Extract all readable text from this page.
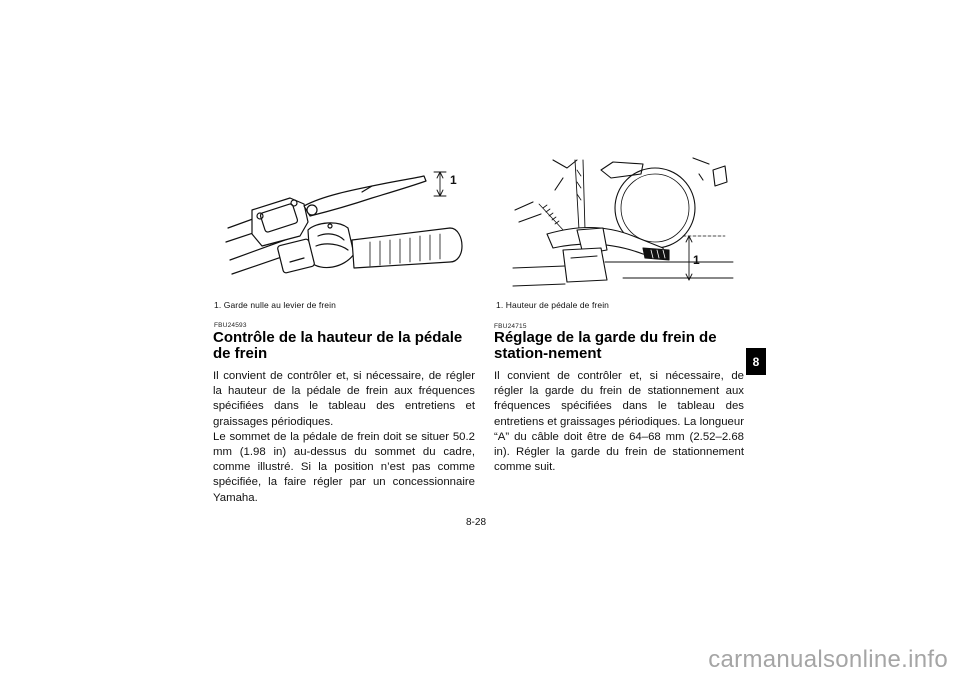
1
1
1. Garde nulle au levier de frein	1. Hauteur de pédale de frein
FBU24593	FBU24715
Contrôle de la hauteur de la pédale de frein
Réglage de la garde du frein de station-nement

Il convient de contrôler et, si nécessaire, de régler la hauteur de la pédale de frein aux fréquences spécifiées dans le tableau des entretiens et graissages périodiques.

Le sommet de la pédale de frein doit se situer 50.2 mm (1.98 in) au-dessus du sommet du cadre, comme illustré. Si la position n’est pas comme spécifiée, la faire régler par un concessionnaire Yamaha.

Il convient de contrôler et, si nécessaire, de régler la garde du frein de stationnement aux fréquences spécifiées dans le tableau des entretiens et graissages périodiques. La longueur “A” du câble doit être de 64–68 mm (2.52–2.68 in). Régler la garde du frein de stationnement comme suit.

8
8-28
carmanualsonline.info
